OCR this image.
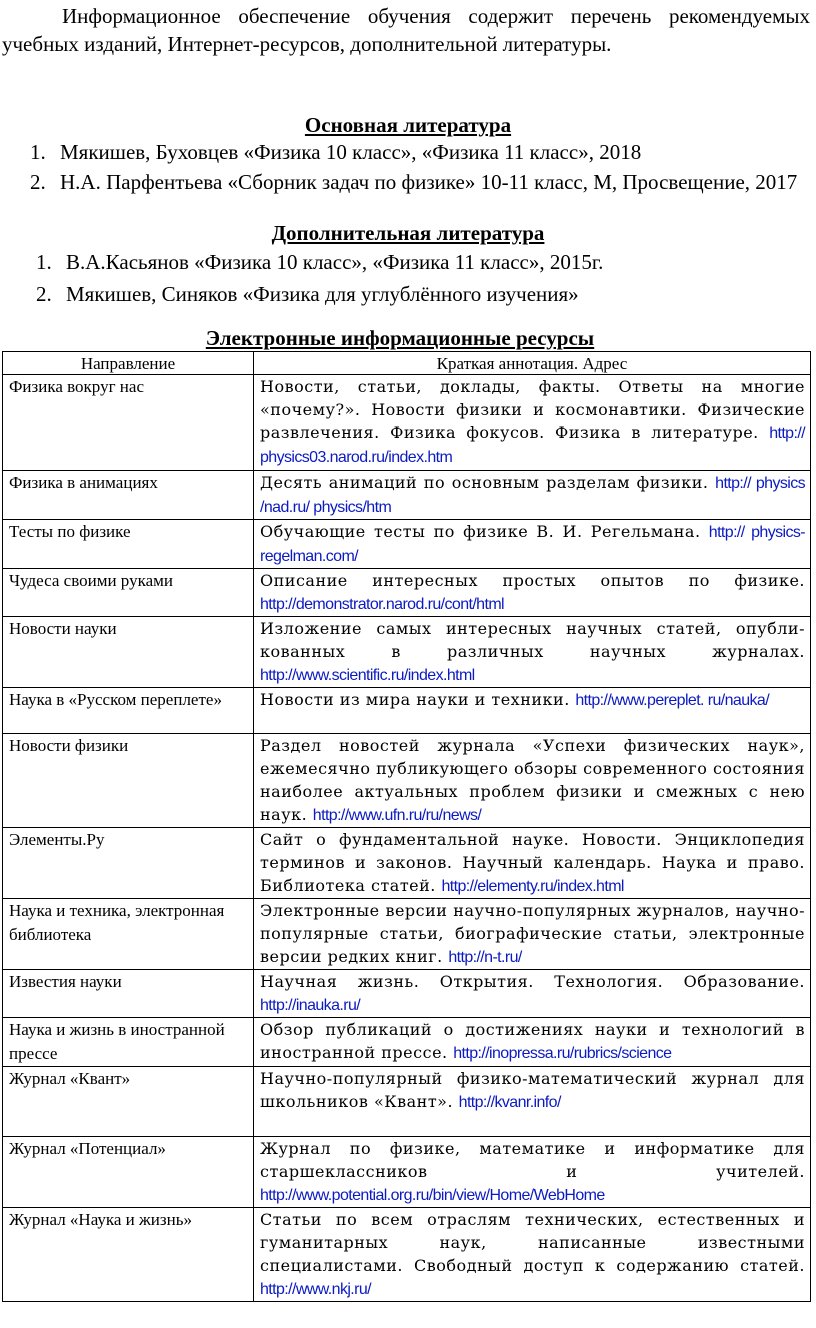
Информационное обеспечение обучения содержит перечень рекомендуемых учебных изданий, Интернет-ресурсов, дополнительной литературы.
Основная литература
1. Мякишев, Буховцев «Физика 10 класс», «Физика 11 класс», 2018
2. Н.А. Парфентьева «Сборник задач по физике» 10-11 класс, М, Просвещение, 2017
Дополнительная литература
1. В.А.Касьянов «Физика 10 класс», «Физика 11 класс», 2015г.
2. Мякишев, Синяков «Физика для углублённого изучения»
Электронные информационные ресурсы
Направление	Краткая аннотация. Адрес
Физика вокруг нас	Новости, статьи, доклады, факты. Ответы на многие «почему?». Новости физики и космонавтики. Физические развлечения. Физика фокусов. Физика в литературе. http:// physics03.narod.ru/index.htm
Физика в анимациях	Десять анимаций по основным разделам физики. http:// physics /nad.ru/ physics/htm
Тесты по физике	Обучающие тесты по физике В. И. Регельмана. http:// physics-regelman.com/
Чудеса своими руками	Описание интересных простых опытов по физике. http://demonstrator.narod.ru/cont/html
Новости науки	Изложение самых интересных научных статей, опубли-кованных в различных научных журналах. http://www.scientific.ru/index.html
Наука в «Русском переплете»	Новости из мира науки и техники. http://www.pereplet. ru/nauka/
Новости физики	Раздел новостей журнала «Успехи физических наук», ежемесячно публикующего обзоры современного состояния наиболее актуальных проблем физики и смежных с нею наук. http://www.ufn.ru/ru/news/
Элементы.Ру	Сайт о фундаментальной науке. Новости. Энциклопедия терминов и законов. Научный календарь. Наука и право. Библиотека статей. http://elementy.ru/index.html
Наука и техника, электронная библиотека	Электронные версии научно-популярных журналов, научно-популярные статьи, биографические статьи, электронные версии редких книг. http://n-t.ru/
Известия науки	Научная жизнь. Открытия. Технология. Образование. http://inauka.ru/
Наука и жизнь в иностранной прессе	Обзор публикаций о достижениях науки и технологий в иностранной прессе. http://inopressa.ru/rubrics/science
Журнал «Квант»	Научно-популярный физико-математический журнал для школьников «Квант». http://kvanr.info/
Журнал «Потенциал»	Журнал по физике, математике и информатике для старшеклассников и учителей. http://www.potential.org.ru/bin/view/Home/WebHome
Журнал «Наука и жизнь»	Статьи по всем отраслям технических, естественных и гуманитарных наук, написанные известными специалистами. Свободный доступ к содержанию статей. http://www.nkj.ru/
